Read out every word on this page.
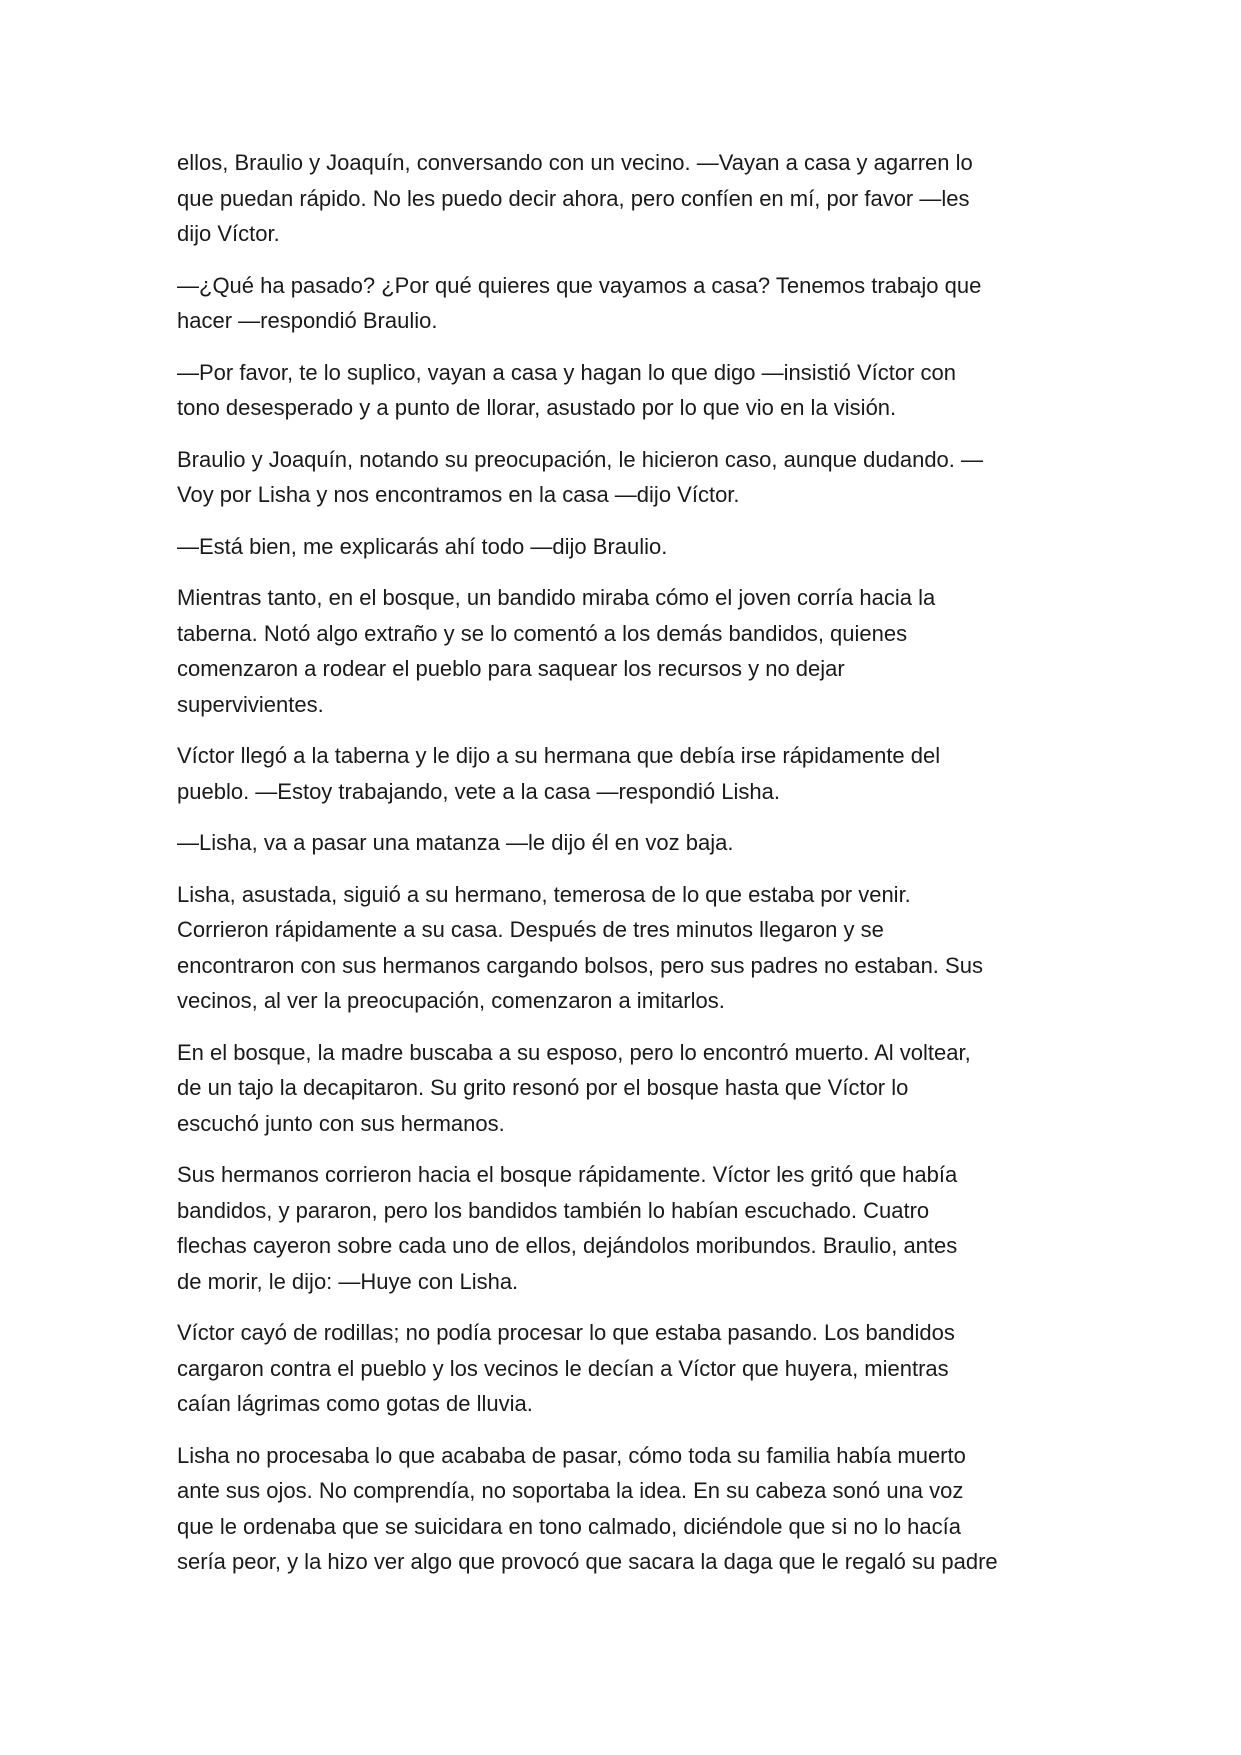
ellos, Braulio y Joaquín, conversando con un vecino. —Vayan a casa y agarren lo
que puedan rápido. No les puedo decir ahora, pero confíen en mí, por favor —les
dijo Víctor.

—¿Qué ha pasado? ¿Por qué quieres que vayamos a casa? Tenemos trabajo que
hacer —respondió Braulio.

—Por favor, te lo suplico, vayan a casa y hagan lo que digo —insistió Víctor con
tono desesperado y a punto de llorar, asustado por lo que vio en la visión.

Braulio y Joaquín, notando su preocupación, le hicieron caso, aunque dudando. —
Voy por Lisha y nos encontramos en la casa —dijo Víctor.

—Está bien, me explicarás ahí todo —dijo Braulio.

Mientras tanto, en el bosque, un bandido miraba cómo el joven corría hacia la
taberna. Notó algo extraño y se lo comentó a los demás bandidos, quienes
comenzaron a rodear el pueblo para saquear los recursos y no dejar
supervivientes.

Víctor llegó a la taberna y le dijo a su hermana que debía irse rápidamente del
pueblo. —Estoy trabajando, vete a la casa —respondió Lisha.

—Lisha, va a pasar una matanza —le dijo él en voz baja.

Lisha, asustada, siguió a su hermano, temerosa de lo que estaba por venir.
Corrieron rápidamente a su casa. Después de tres minutos llegaron y se
encontraron con sus hermanos cargando bolsos, pero sus padres no estaban. Sus
vecinos, al ver la preocupación, comenzaron a imitarlos.

En el bosque, la madre buscaba a su esposo, pero lo encontró muerto. Al voltear,
de un tajo la decapitaron. Su grito resonó por el bosque hasta que Víctor lo
escuchó junto con sus hermanos.

Sus hermanos corrieron hacia el bosque rápidamente. Víctor les gritó que había
bandidos, y pararon, pero los bandidos también lo habían escuchado. Cuatro
flechas cayeron sobre cada uno de ellos, dejándolos moribundos. Braulio, antes
de morir, le dijo: —Huye con Lisha.

Víctor cayó de rodillas; no podía procesar lo que estaba pasando. Los bandidos
cargaron contra el pueblo y los vecinos le decían a Víctor que huyera, mientras
caían lágrimas como gotas de lluvia.

Lisha no procesaba lo que acababa de pasar, cómo toda su familia había muerto
ante sus ojos. No comprendía, no soportaba la idea. En su cabeza sonó una voz
que le ordenaba que se suicidara en tono calmado, diciéndole que si no lo hacía
sería peor, y la hizo ver algo que provocó que sacara la daga que le regaló su padre
